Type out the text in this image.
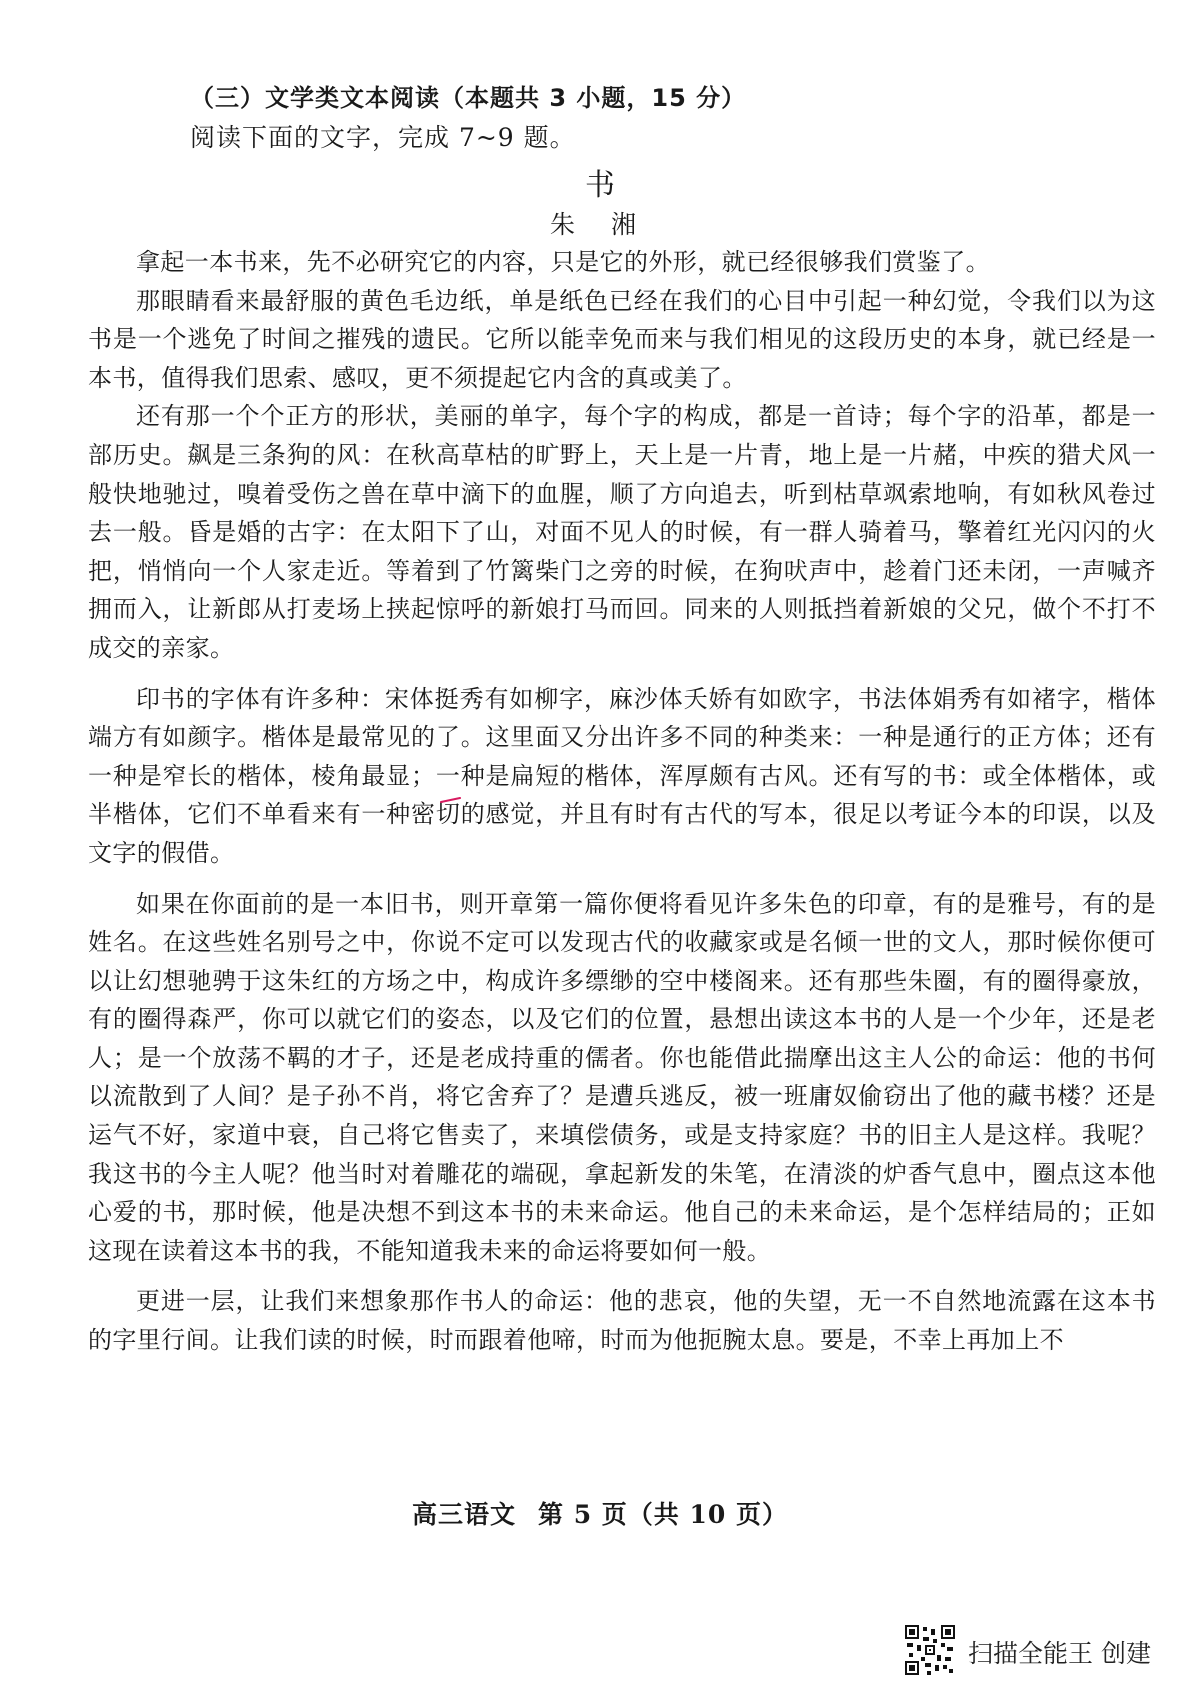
（三）文学类文本阅读（本题共 3 小题，15 分）
阅读下面的文字，完成 7~9 题。
书
朱 湘

拿起一本书来，先不必研究它的内容，只是它的外形，就已经很够我们赏鉴了。

那眼睛看来最舒服的黄色毛边纸，单是纸色已经在我们的心目中引起一种幻觉，令我们以为这书是一个逃免了时间之摧残的遗民。它所以能幸免而来与我们相见的这段历史的本身，就已经是一本书，值得我们思索、感叹，更不须提起它内含的真或美了。

还有那一个个正方的形状，美丽的单字，每个字的构成，都是一首诗；每个字的沿革，都是一部历史。飙是三条狗的风：在秋高草枯的旷野上，天上是一片青，地上是一片赭，中疾的猎犬风一般快地驰过，嗅着受伤之兽在草中滴下的血腥，顺了方向追去，听到枯草飒索地响，有如秋风卷过去一般。昏是婚的古字：在太阳下了山，对面不见人的时候，有一群人骑着马，擎着红光闪闪的火把，悄悄向一个人家走近。等着到了竹篱柴门之旁的时候，在狗吠声中，趁着门还未闭，一声喊齐拥而入，让新郎从打麦场上挟起惊呼的新娘打马而回。同来的人则抵挡着新娘的父兄，做个不打不成交的亲家。

印书的字体有许多种：宋体挺秀有如柳字，麻沙体夭娇有如欧字，书法体娟秀有如褚字，楷体端方有如颜字。楷体是最常见的了。这里面又分出许多不同的种类来：一种是通行的正方体；还有一种是窄长的楷体，棱角最显；一种是扁短的楷体，浑厚颇有古风。还有写的书：或全体楷体，或半楷体，它们不单看来有一种密切的感觉，并且有时有古代的写本，很足以考证今本的印误，以及文字的假借。

如果在你面前的是一本旧书，则开章第一篇你便将看见许多朱色的印章，有的是雅号，有的是姓名。在这些姓名别号之中，你说不定可以发现古代的收藏家或是名倾一世的文人，那时候你便可以让幻想驰骋于这朱红的方场之中，构成许多缥缈的空中楼阁来。还有那些朱圈，有的圈得豪放，有的圈得森严，你可以就它们的姿态，以及它们的位置，悬想出读这本书的人是一个少年，还是老人；是一个放荡不羁的才子，还是老成持重的儒者。你也能借此揣摩出这主人公的命运：他的书何以流散到了人间？是子孙不肖，将它舍弃了？是遭兵逃反，被一班庸奴偷窃出了他的藏书楼？还是运气不好，家道中衰，自己将它售卖了，来填偿债务，或是支持家庭？书的旧主人是这样。我呢？我这书的今主人呢？他当时对着雕花的端砚，拿起新发的朱笔，在清淡的炉香气息中，圈点这本他心爱的书，那时候，他是决想不到这本书的未来命运。他自己的未来命运，是个怎样结局的；正如这现在读着这本书的我，不能知道我未来的命运将要如何一般。

更进一层，让我们来想象那作书人的命运：他的悲哀，他的失望，无一不自然地流露在这本书的字里行间。让我们读的时候，时而跟着他啼，时而为他扼腕太息。要是，不幸上再加上不

高三语文 第 5 页（共 10 页）
扫描全能王 创建
